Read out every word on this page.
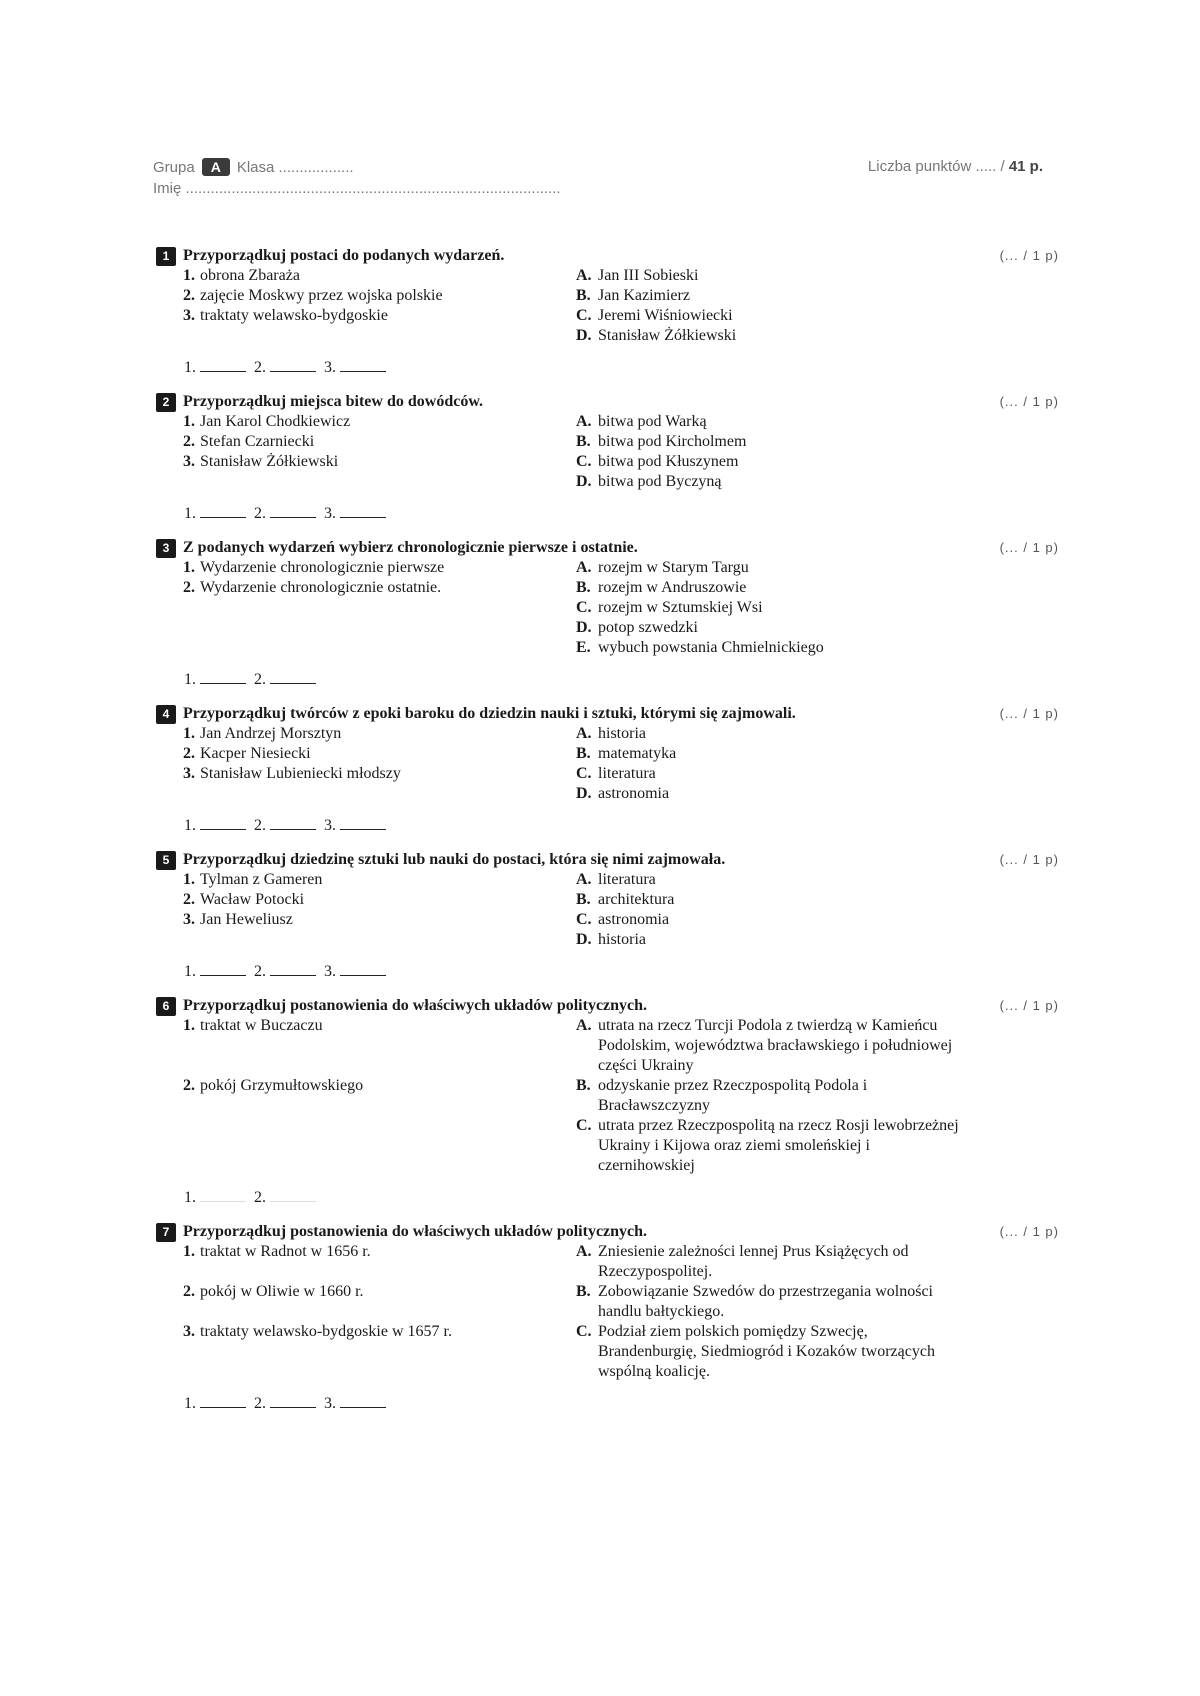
Grupa A Klasa ..................	Liczba punktów ..... / 41 p.
Imię ..........................................................................................
1 Przyporządkuj postaci do podanych wydarzeń.	(... / 1 p)
1. obrona Zbaraża
2. zajęcie Moskwy przez wojska polskie
3. traktaty welawsko-bydgoskie
A. Jan III Sobieski
B. Jan Kazimierz
C. Jeremi Wiśniowiecki
D. Stanisław Żółkiewski
1.	2.	3.
2 Przyporządkuj miejsca bitew do dowódców.	(... / 1 p)
1. Jan Karol Chodkiewicz
2. Stefan Czarniecki
3. Stanisław Żółkiewski
A. bitwa pod Warką
B. bitwa pod Kircholmem
C. bitwa pod Kłuszynem
D. bitwa pod Byczyną
1.	2.	3.
3 Z podanych wydarzeń wybierz chronologicznie pierwsze i ostatnie.	(... / 1 p)
1. Wydarzenie chronologicznie pierwsze
2. Wydarzenie chronologicznie ostatnie.
A. rozejm w Starym Targu
B. rozejm w Andruszowie
C. rozejm w Sztumskiej Wsi
D. potop szwedzki
E. wybuch powstania Chmielnickiego
1.	2.
4 Przyporządkuj twórców z epoki baroku do dziedzin nauki i sztuki, którymi się zajmowali.	(... / 1 p)
1. Jan Andrzej Morsztyn
2. Kacper Niesiecki
3. Stanisław Lubieniecki młodszy
A. historia
B. matematyka
C. literatura
D. astronomia
1.	2.	3.
5 Przyporządkuj dziedzinę sztuki lub nauki do postaci, która się nimi zajmowała.	(... / 1 p)
1. Tylman z Gameren
2. Wacław Potocki
3. Jan Heweliusz
A. literatura
B. architektura
C. astronomia
D. historia
1.	2.	3.
6 Przyporządkuj postanowienia do właściwych układów politycznych.	(... / 1 p)
1. traktat w Buczaczu
2. pokój Grzymułtowskiego
A. utrata na rzecz Turcji Podola z twierdzą w Kamieńcu Podolskim, województwa bracławskiego i południowej części Ukrainy
B. odzyskanie przez Rzeczpospolitą Podola i Bracławszczyzny
C. utrata przez Rzeczpospolitą na rzecz Rosji lewobrzeżnej Ukrainy i Kijowa oraz ziemi smoleńskiej i czernihowskiej
1.	2.
7 Przyporządkuj postanowienia do właściwych układów politycznych.	(... / 1 p)
1. traktat w Radnot w 1656 r.
2. pokój w Oliwie w 1660 r.
3. traktaty welawsko-bydgoskie w 1657 r.
A. Zniesienie zależności lennej Prus Książęcych od Rzeczypospolitej.
B. Zobowiązanie Szwedów do przestrzegania wolności handlu bałtyckiego.
C. Podział ziem polskich pomiędzy Szwecję, Brandenburgię, Siedmiogród i Kozaków tworzących wspólną koalicję.
1.	2.	3.
